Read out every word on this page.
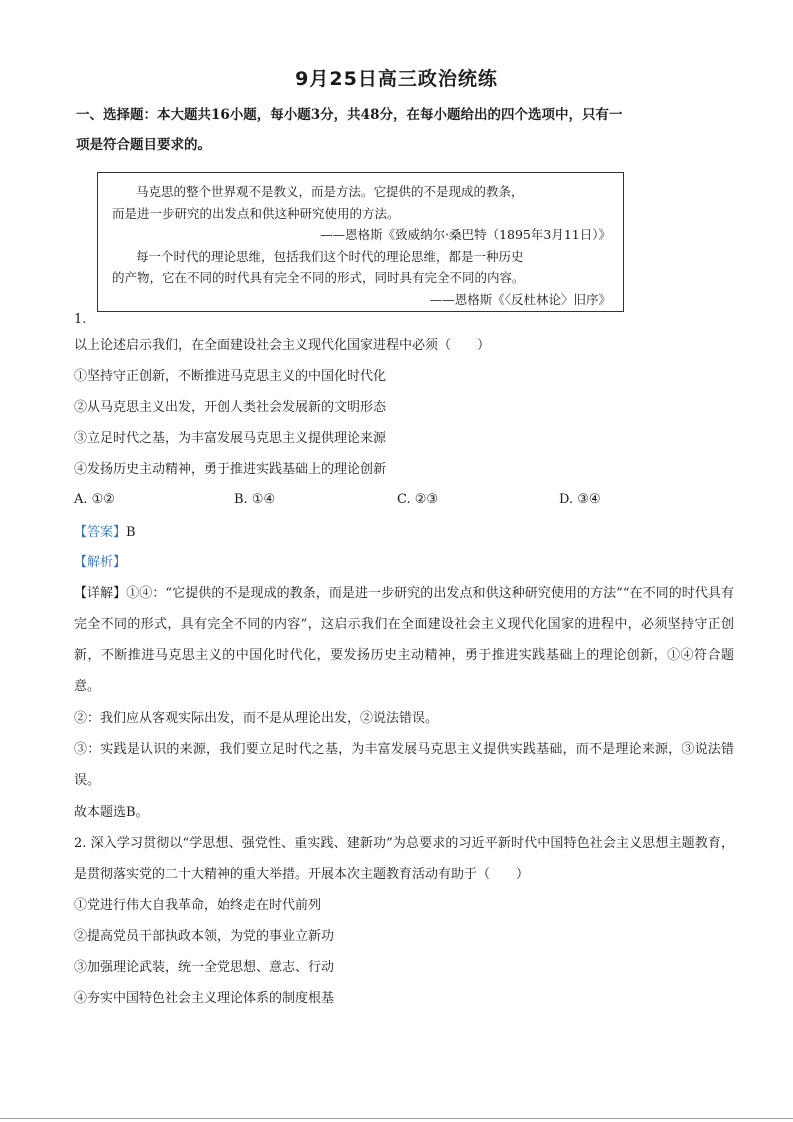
9月25日高三政治统练
一、选择题：本大题共16小题，每小题3分，共48分，在每小题给出的四个选项中，只有一
项是符合题目要求的。
马克思的整个世界观不是教义，而是方法。它提供的不是现成的教条，
而是进一步研究的出发点和供这种研究使用的方法。
——恩格斯《致威纳尔·桑巴特（1895年3月11日）》
每一个时代的理论思维，包括我们这个时代的理论思维，都是一种历史
的产物，它在不同的时代具有完全不同的形式，同时具有完全不同的内容。
——恩格斯《〈反杜林论〉旧序》
1.
以上论述启示我们，在全面建设社会主义现代化国家进程中必须（　　）
①坚持守正创新，不断推进马克思主义的中国化时代化
②从马克思主义出发，开创人类社会发展新的文明形态
③立足时代之基，为丰富发展马克思主义提供理论来源
④发扬历史主动精神，勇于推进实践基础上的理论创新
A. ①②	B. ①④	C. ②③	D. ③④
【答案】B
【解析】
【详解】①④：“它提供的不是现成的教条，而是进一步研究的出发点和供这种研究使用的方法”“在不同的时代具有完全不同的形式，具有完全不同的内容”，这启示我们在全面建设社会主义现代化国家的进程中，必须坚持守正创新，不断推进马克思主义的中国化时代化，要发扬历史主动精神，勇于推进实践基础上的理论创新，①④符合题意。
②：我们应从客观实际出发，而不是从理论出发，②说法错误。
③：实践是认识的来源，我们要立足时代之基，为丰富发展马克思主义提供实践基础，而不是理论来源，③说法错误。
故本题选B。
2. 深入学习贯彻以“学思想、强党性、重实践、建新功”为总要求的习近平新时代中国特色社会主义思想主题教育，是贯彻落实党的二十大精神的重大举措。开展本次主题教育活动有助于（　　）
①党进行伟大自我革命，始终走在时代前列
②提高党员干部执政本领，为党的事业立新功
③加强理论武装，统一全党思想、意志、行动
④夯实中国特色社会主义理论体系的制度根基
